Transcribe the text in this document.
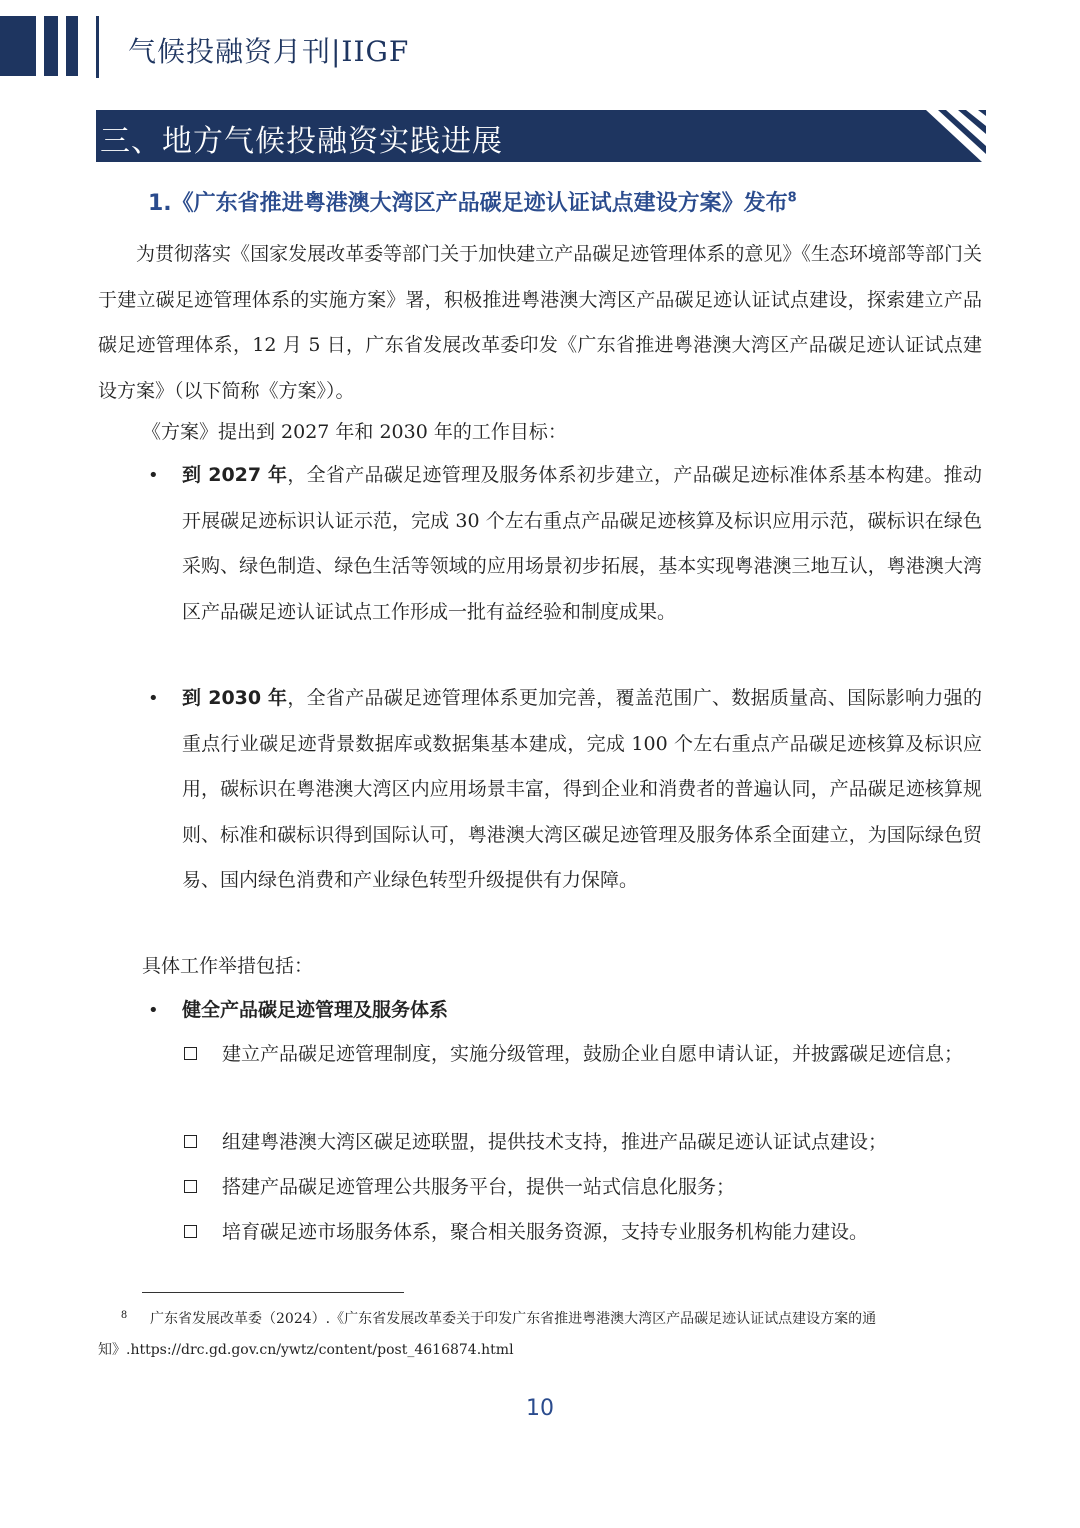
气候投融资月刊|IIGF
三、地方气候投融资实践进展
1.《广东省推进粤港澳大湾区产品碳足迹认证试点建设方案》发布$^8$
为贯彻落实《国家发展改革委等部门关于加快建立产品碳足迹管理体系的意见》《生态环境部等部门关于建立碳足迹管理体系的实施方案》署，积极推进粤港澳大湾区产品碳足迹认证试点建设，探索建立产品碳足迹管理体系，12 月 5 日，广东省发展改革委印发《广东省推进粤港澳大湾区产品碳足迹认证试点建设方案》（以下简称《方案》）。
《方案》提出到 2027 年和 2030 年的工作目标：
•	到 2027 年，全省产品碳足迹管理及服务体系初步建立，产品碳足迹标准体系基本构建。推动开展碳足迹标识认证示范，完成 30 个左右重点产品碳足迹核算及标识应用示范，碳标识在绿色采购、绿色制造、绿色生活等领域的应用场景初步拓展，基本实现粤港澳三地互认，粤港澳大湾区产品碳足迹认证试点工作形成一批有益经验和制度成果。
•	到 2030 年，全省产品碳足迹管理体系更加完善，覆盖范围广、数据质量高、国际影响力强的重点行业碳足迹背景数据库或数据集基本建成，完成 100 个左右重点产品碳足迹核算及标识应用，碳标识在粤港澳大湾区内应用场景丰富，得到企业和消费者的普遍认同，产品碳足迹核算规则、标准和碳标识得到国际认可，粤港澳大湾区碳足迹管理及服务体系全面建立，为国际绿色贸易、国内绿色消费和产业绿色转型升级提供有力保障。
具体工作举措包括：
•	健全产品碳足迹管理及服务体系
建立产品碳足迹管理制度，实施分级管理，鼓励企业自愿申请认证，并披露碳足迹信息；
组建粤港澳大湾区碳足迹联盟，提供技术支持，推进产品碳足迹认证试点建设；
搭建产品碳足迹管理公共服务平台，提供一站式信息化服务；
培育碳足迹市场服务体系，聚合相关服务资源，支持专业服务机构能力建设。
8 广东省发展改革委（2024）.《广东省发展改革委关于印发广东省推进粤港澳大湾区产品碳足迹认证试点建设方案的通知》.https://drc.gd.gov.cn/ywtz/content/post_4616874.html
10
